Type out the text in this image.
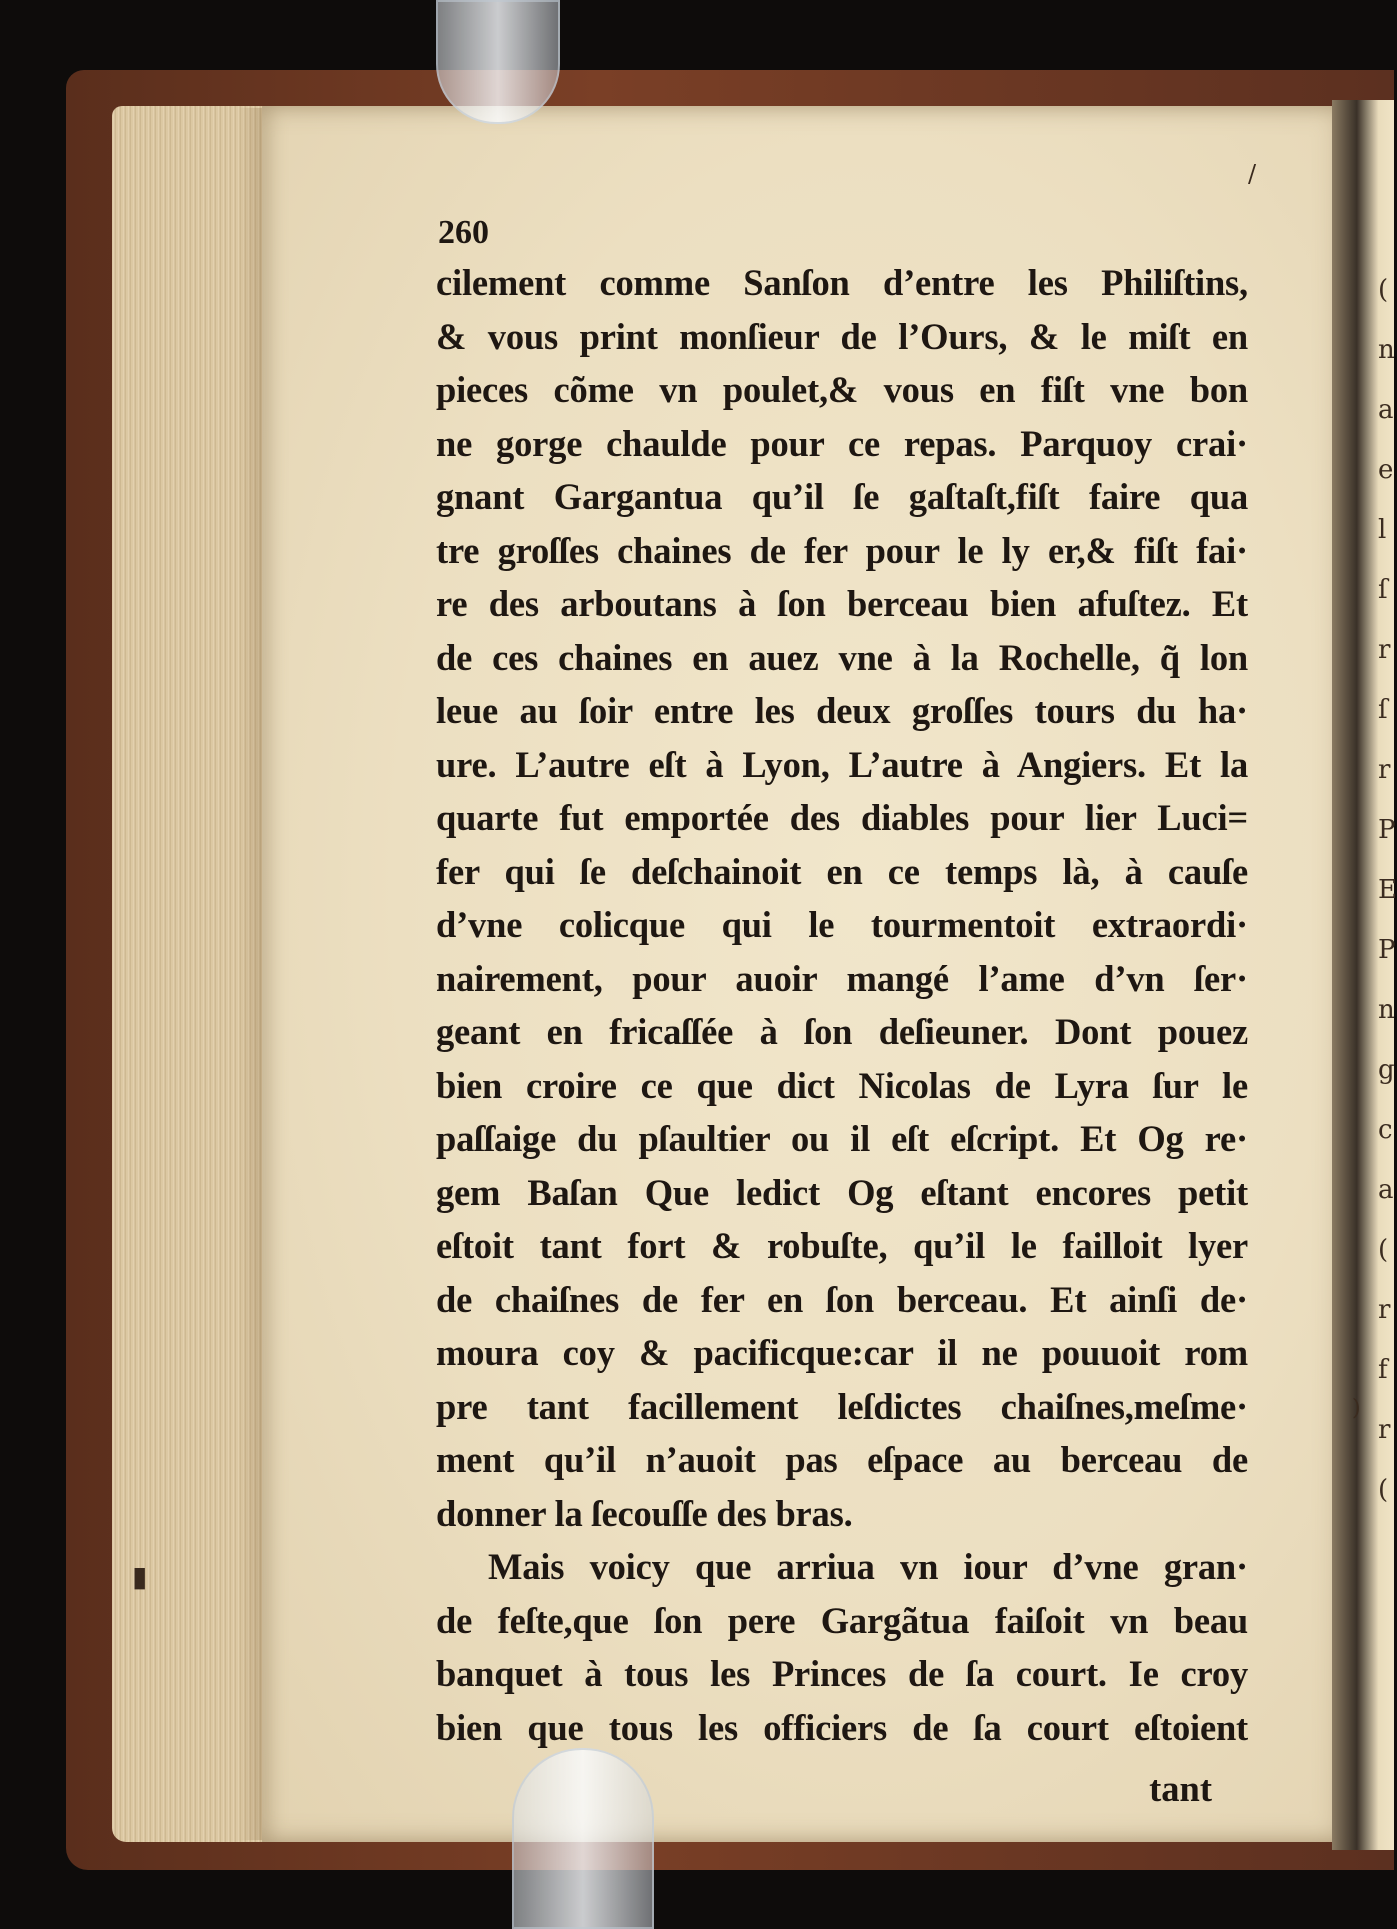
(
n
a
e
l
ſ
r
ſ
r
P
E
P
n
g
c
a
(
r
f
r
(
/
)
▮
260
cilement comme Sanſon d’entre les Philiſtins,
& vous print monſieur de l’Ours, & le miſt en
pieces cõme vn poulet,& vous en fiſt vne bon
ne gorge chaulde pour ce repas. Parquoy crai·
gnant Gargantua qu’il ſe gaſtaſt,fiſt faire qua
tre groſſes chaines de fer pour le ly er,& fiſt fai·
re des arboutans à ſon berceau bien afuſtez. Et
de ces chaines en auez vne à la Rochelle, q̃ lon
leue au ſoir entre les deux groſſes tours du ha·
ure. L’autre eſt à Lyon, L’autre à Angiers. Et la
quarte fut emportée des diables pour lier Luci=
fer qui ſe deſchainoit en ce temps là, à cauſe
d’vne colicque qui le tourmentoit extraordi·
nairement, pour auoir mangé l’ame d’vn ſer·
geant en fricaſſée à ſon deſieuner. Dont pouez
bien croire ce que dict Nicolas de Lyra ſur le
paſſaige du pſaultier ou il eſt eſcript. Et Og re·
gem Baſan Que ledict Og eſtant encores petit
eſtoit tant fort & robuſte, qu’il le failloit lyer
de chaiſnes de fer en ſon berceau. Et ainſi de·
moura coy & pacificque:car il ne pouuoit rom
pre tant facillement leſdictes chaiſnes,meſme·
ment qu’il n’auoit pas eſpace au berceau de
donner la ſecouſſe des bras.
Mais voicy que arriua vn iour d’vne gran·
de feſte,que ſon pere Gargãtua faiſoit vn beau
banquet à tous les Princes de ſa court. Ie croy
bien que tous les officiers de ſa court eſtoient
tant
